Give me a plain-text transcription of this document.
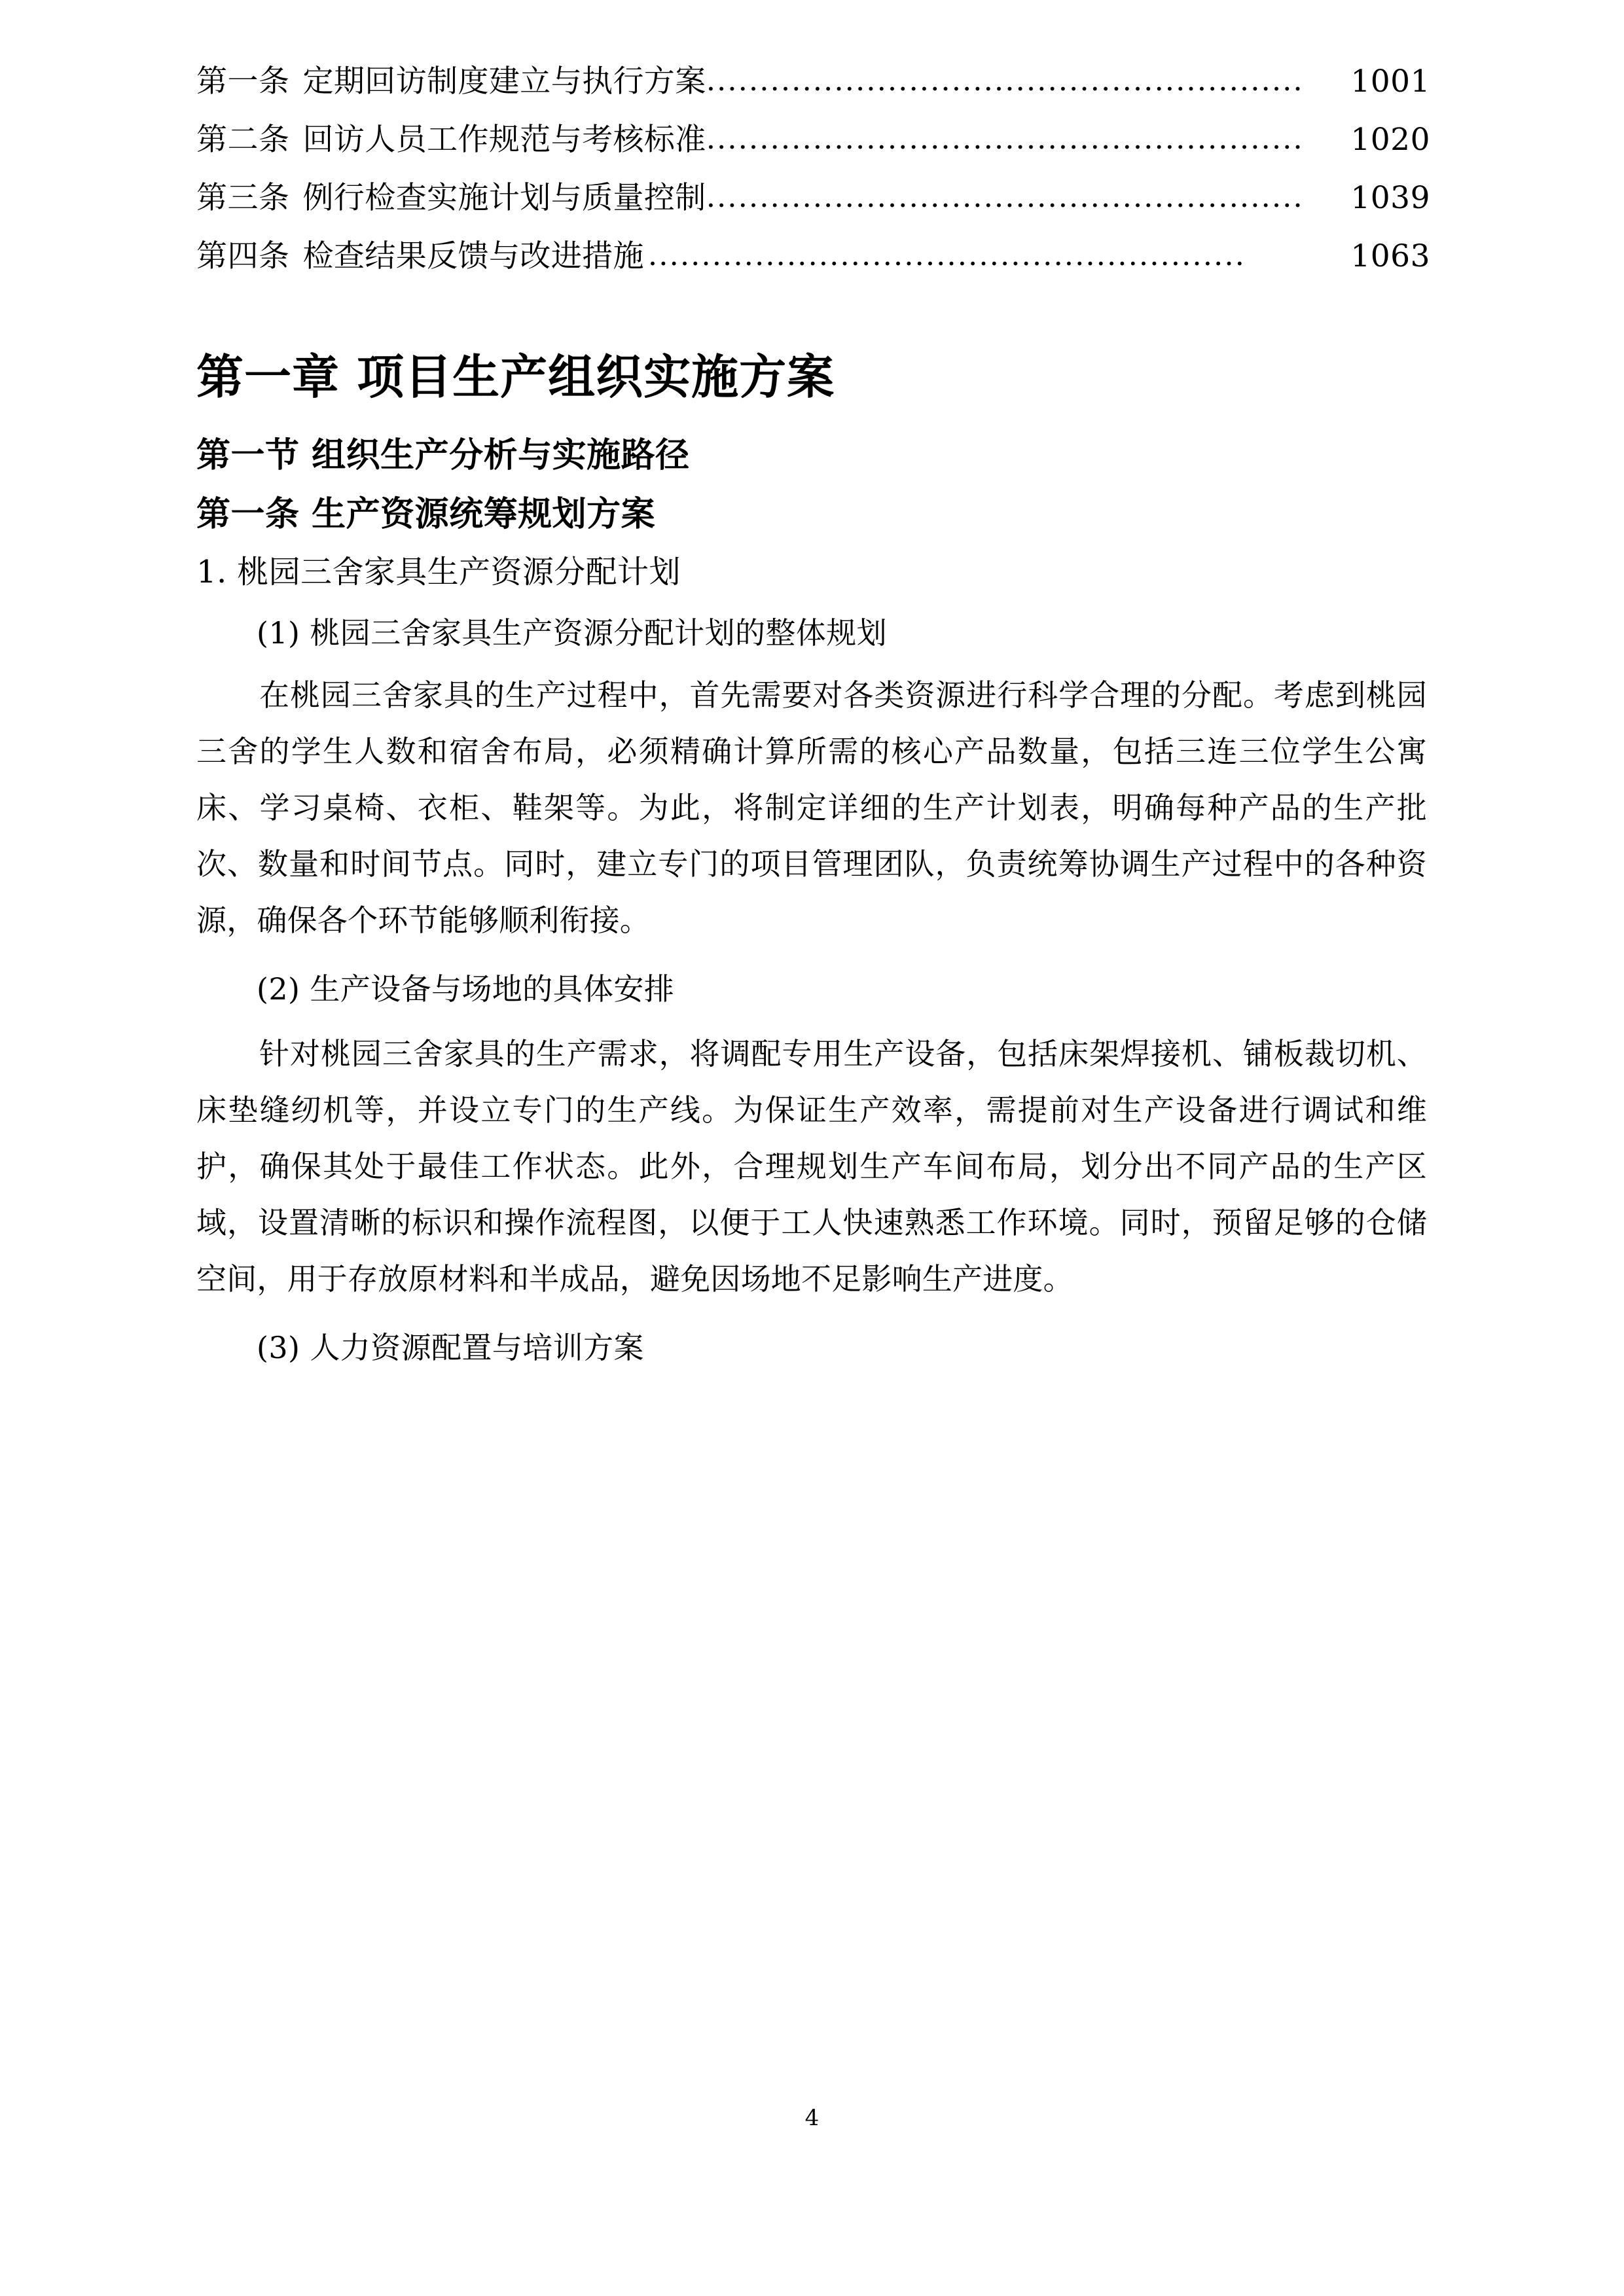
第一条 定期回访制度建立与执行方案 ........................................................	1001
第二条 回访人员工作规范与考核标准 ........................................................	1020
第三条 例行检查实施计划与质量控制 ........................................................	1039
第四条 检查结果反馈与改进措施 ........................................................	1063
第一章 项目生产组织实施方案
第一节 组织生产分析与实施路径
第一条 生产资源统筹规划方案
1. 桃园三舍家具生产资源分配计划
(1) 桃园三舍家具生产资源分配计划的整体规划

在桃园三舍家具的生产过程中，首先需要对各类资源进行科学合理的分配。考虑到桃园三舍的学生人数和宿舍布局，必须精确计算所需的核心产品数量，包括三连三位学生公寓床、学习桌椅、衣柜、鞋架等。为此，将制定详细的生产计划表，明确每种产品的生产批次、数量和时间节点。同时，建立专门的项目管理团队，负责统筹协调生产过程中的各种资源，确保各个环节能够顺利衔接。

(2) 生产设备与场地的具体安排

针对桃园三舍家具的生产需求，将调配专用生产设备，包括床架焊接机、铺板裁切机、床垫缝纫机等，并设立专门的生产线。为保证生产效率，需提前对生产设备进行调试和维护，确保其处于最佳工作状态。此外，合理规划生产车间布局，划分出不同产品的生产区域，设置清晰的标识和操作流程图，以便于工人快速熟悉工作环境。同时，预留足够的仓储空间，用于存放原材料和半成品，避免因场地不足影响生产进度。

(3) 人力资源配置与培训方案
4
